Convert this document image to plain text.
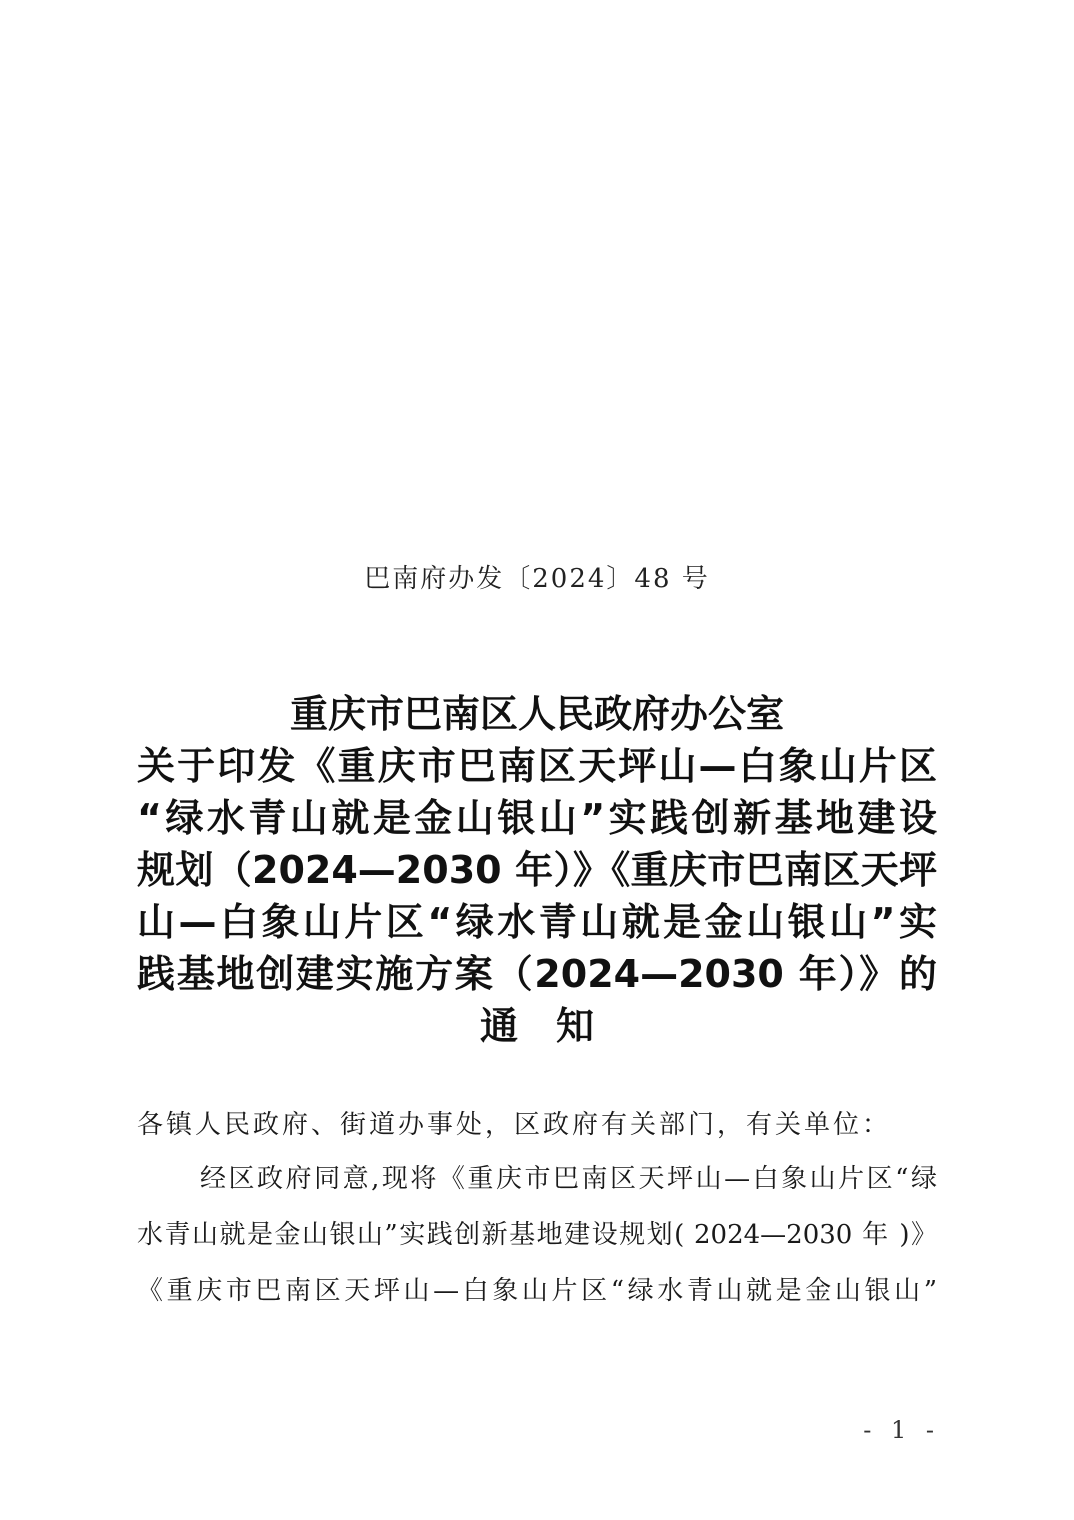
巴南府办发〔2024〕48 号
重庆市巴南区人民政府办公室
关于印发《重庆市巴南区天坪山—白象山片区
“绿水青山就是金山银山”实践创新基地建设
规划（2024—2030 年）》《重庆市巴南区天坪
山—白象山片区“绿水青山就是金山银山”实
践基地创建实施方案（2024—2030 年）》的
通　知
各镇人民政府、街道办事处，区政府有关部门，有关单位：
经区政府同意,现将《重庆市巴南区天坪山—白象山片区“绿
水青山就是金山银山”实践创新基地建设规划( 2024—2030 年 )》
《重庆市巴南区天坪山—白象山片区“绿水青山就是金山银山”
- 1 -
